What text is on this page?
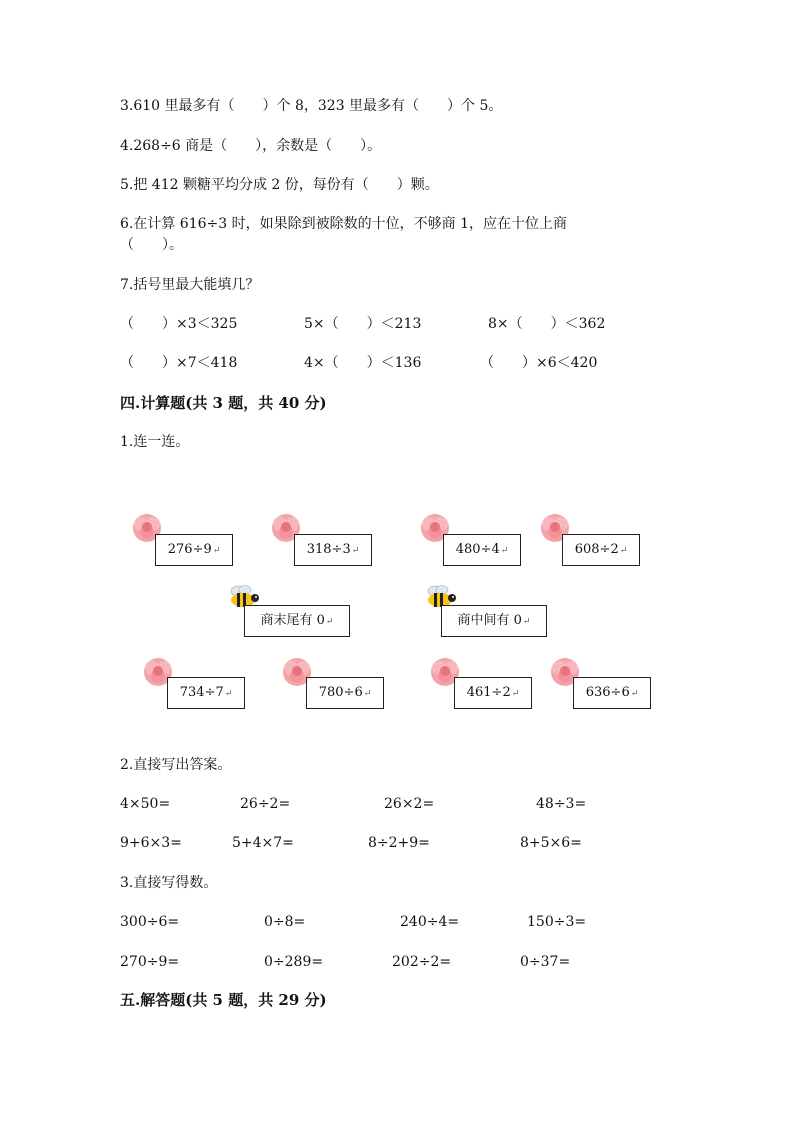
3.610 里最多有（　　）个 8，323 里最多有（　　）个 5。
4.268÷6 商是（　　），余数是（　　）。
5.把 412 颗糖平均分成 2 份，每份有（　　）颗。
6.在计算 616÷3 时，如果除到被除数的十位，不够商 1，应在十位上商
（　　）。
7.括号里最大能填几？
（　　）×3＜325	5×（　　）＜213	8×（　　）＜362
（　　）×7＜418	4×（　　）＜136	（　　）×6＜420
四.计算题(共 3 题，共 40 分)
1.连一连。
276÷9↵	318÷3↵	480÷4↵	608÷2↵
商末尾有 0↵	商中间有 0↵
734÷7↵	780÷6↵	461÷2↵	636÷6↵
2.直接写出答案。
4×50=	26÷2=	26×2=	48÷3=
9+6×3=	5+4×7=	8÷2+9=	8+5×6=
3.直接写得数。
300÷6=	0÷8=	240÷4=	150÷3=
270÷9=	0÷289=	202÷2=	0÷37=
五.解答题(共 5 题，共 29 分)
